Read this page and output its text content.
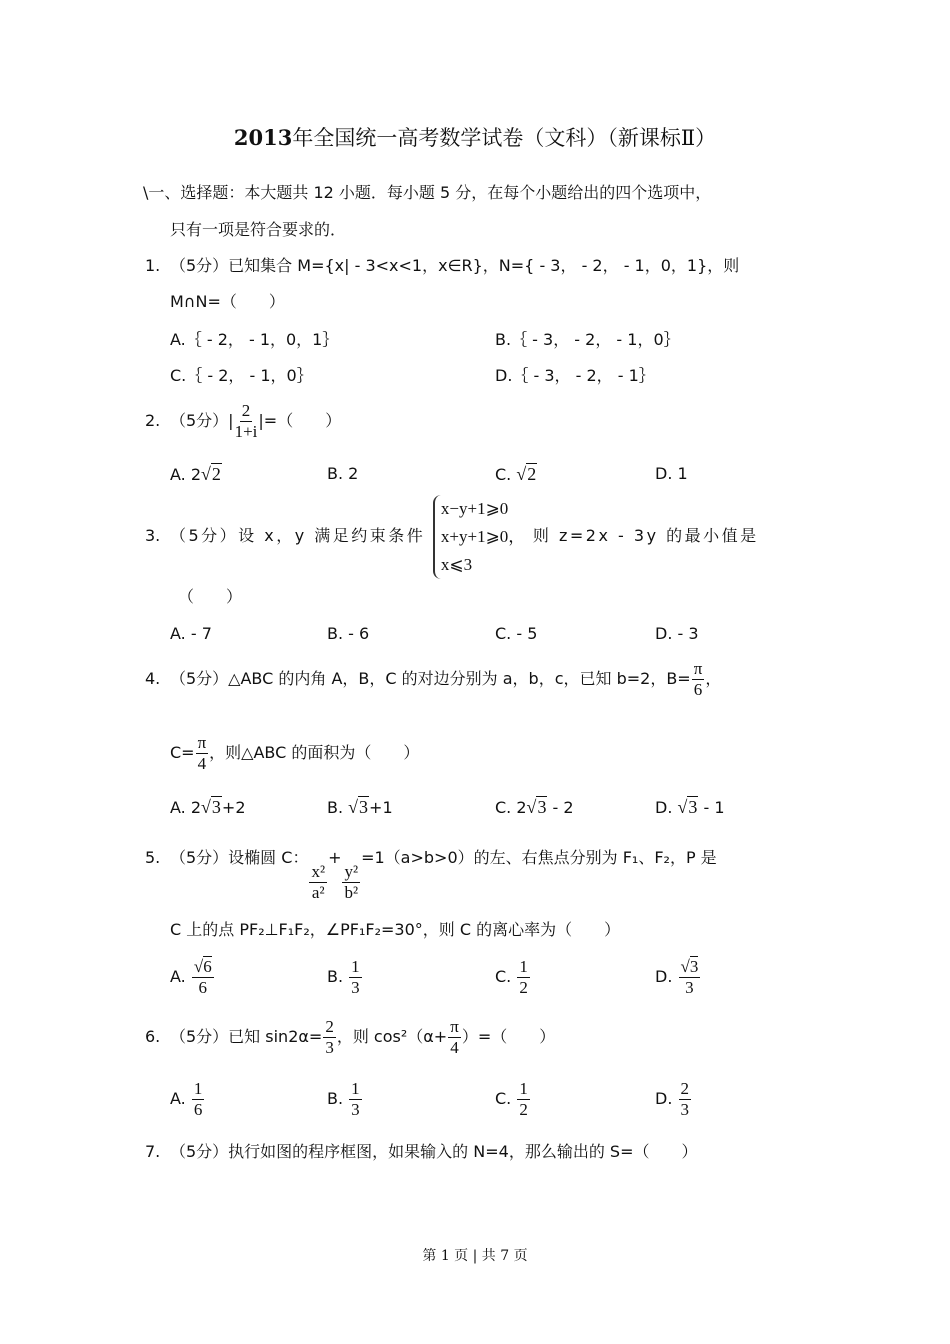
2013年全国统一高考数学试卷（文科）（新课标Ⅱ）
\一、选择题：本大题共 12 小题．每小题 5 分，在每个小题给出的四个选项中，
只有一项是符合要求的．
1. （5分）已知集合 M={x| - 3<x<1，x∈R}，N={ - 3， - 2， - 1，0，1}，则
M∩N=（　　）
A.｛ - 2， - 1，0，1｝	B.｛ - 3， - 2， - 1，0｝
C.｛ - 2， - 1，0｝	D.｛ - 3， - 2， - 1｝
2. （5分）| $\frac{2}{1+i}$ |=（　　）
A. 2√2	B. 2	C. √2	D. 1
3. （5分）设 x，y 满足约束条件
x−y+1⩾0
x+y+1⩾0，
x⩽3
则 z=2x - 3y 的最小值是
（　　）
A. - 7	B. - 6	C. - 5	D. - 3
4. （5分）△ABC 的内角 A，B，C 的对边分别为 a，b，c，已知 b=2，$B= \frac{\pi}{6}$ ，
$C= \frac{\pi}{4}$ ，则△ABC 的面积为（　　）
A. 2√3+2	B. √3+1	C. 2√3 - 2	D. √3 - 1
5. （5分）设椭圆 C：
$\frac{\text{x²}}{\text{a²}}$
+
$\frac{\text{y²}}{\text{b²}}$
=1（a>b>0）的左、右焦点分别为 F₁、F₂，P 是
C 上的点 PF₂⊥F₁F₂，∠PF₁F₂=30°，则 C 的离心率为（　　）
A. $\frac{√6}{6}$	B. $\frac{1}{3}$	C. $\frac{1}{2}$	D. $\frac{√3}{3}$
6. （5分）已知 $\sin 2\alpha= \frac{2}{3}$ ，则 $\cos^2(\alpha+ \frac{\pi}{4}$ ）=（　　）
A. $\frac{1}{6}$	B. $\frac{1}{3}$	C. $\frac{1}{2}$	D. $\frac{2}{3}$
7. （5分）执行如图的程序框图，如果输入的 N=4，那么输出的 S=（　　）
第 1 页 | 共 7 页
